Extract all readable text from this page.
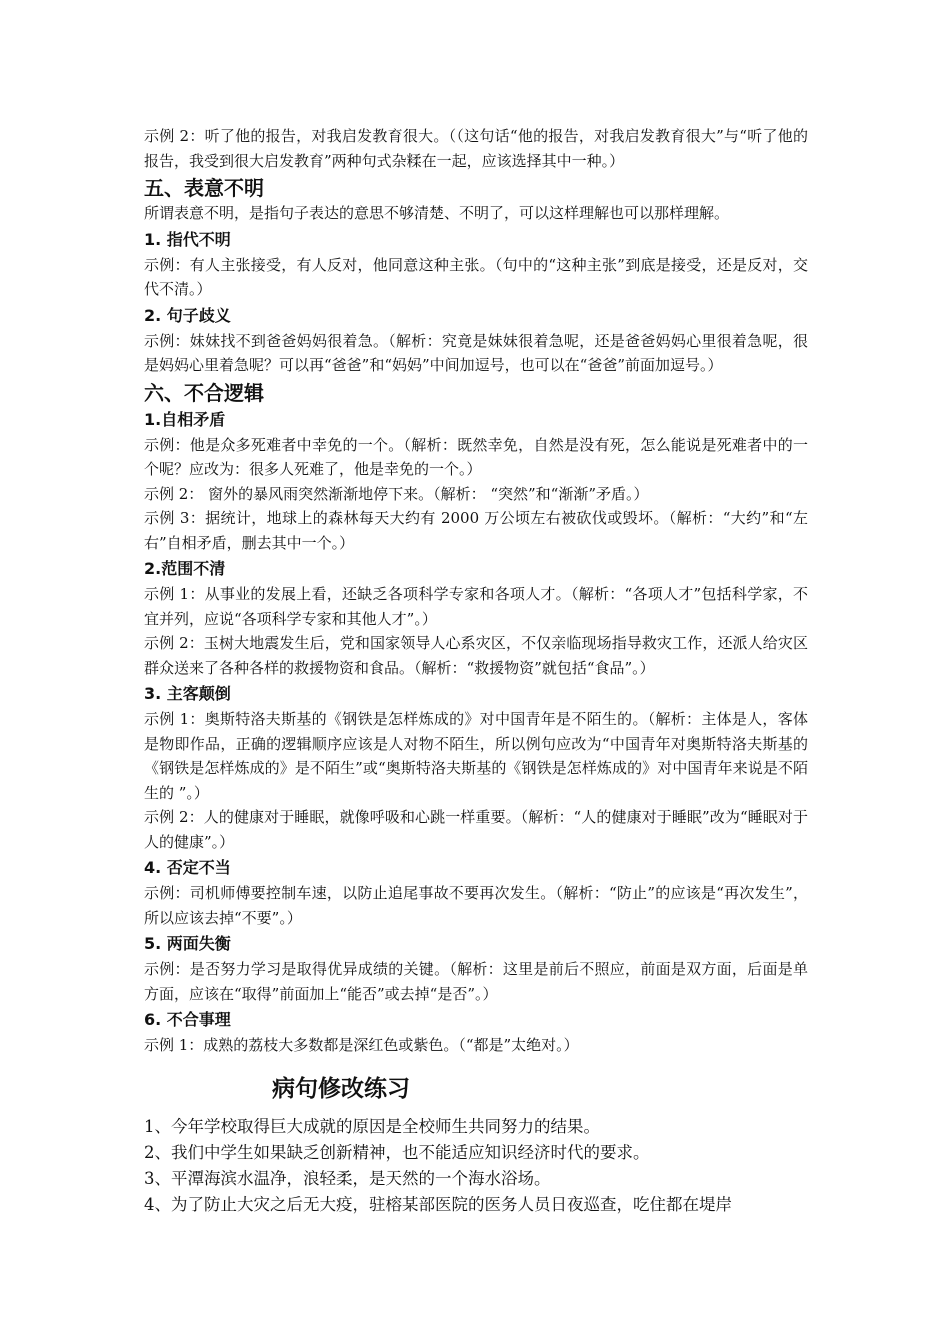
示例 2：听了他的报告，对我启发教育很大。（（这句话“他的报告，对我启发教育很大”与“听了他的报告，我受到很大启发教育”两种句式杂糅在一起，应该选择其中一种。）

五、表意不明

所谓表意不明，是指句子表达的意思不够清楚、不明了，可以这样理解也可以那样理解。

1. 指代不明

示例：有人主张接受，有人反对，他同意这种主张。（句中的“这种主张”到底是接受，还是反对，交代不清。）

2. 句子歧义

示例：妹妹找不到爸爸妈妈很着急。（解析：究竟是妹妹很着急呢，还是爸爸妈妈心里很着急呢，很是妈妈心里着急呢？可以再“爸爸”和“妈妈”中间加逗号，也可以在“爸爸”前面加逗号。）

六、不合逻辑
1.自相矛盾

示例：他是众多死难者中幸免的一个。（解析：既然幸免，自然是没有死，怎么能说是死难者中的一个呢？应改为：很多人死难了，他是幸免的一个。）

示例 2： 窗外的暴风雨突然渐渐地停下来。（解析： “突然”和“渐渐”矛盾。）

示例 3：据统计，地球上的森林每天大约有 2000 万公顷左右被砍伐或毁坏。（解析：“大约”和“左右”自相矛盾，删去其中一个。）

2.范围不清

示例 1：从事业的发展上看，还缺乏各项科学专家和各项人才。（解析：“各项人才”包括科学家，不宜并列，应说“各项科学专家和其他人才”。）

示例 2：玉树大地震发生后，党和国家领导人心系灾区，不仅亲临现场指导救灾工作，还派人给灾区群众送来了各种各样的救援物资和食品。（解析：“救援物资”就包括“食品”。）

3. 主客颠倒

示例 1：奥斯特洛夫斯基的《钢铁是怎样炼成的》对中国青年是不陌生的。（解析：主体是人，客体是物即作品，正确的逻辑顺序应该是人对物不陌生，所以例句应改为“中国青年对奥斯特洛夫斯基的《钢铁是怎样炼成的》是不陌生”或“奥斯特洛夫斯基的《钢铁是怎样炼成的》对中国青年来说是不陌生的 ”。）

示例 2：人的健康对于睡眠，就像呼吸和心跳一样重要。（解析：“人的健康对于睡眠”改为“睡眠对于人的健康”。）

4. 否定不当

示例：司机师傅要控制车速，以防止追尾事故不要再次发生。（解析：“防止”的应该是“再次发生”，所以应该去掉“不要”。）

5. 两面失衡

示例：是否努力学习是取得优异成绩的关键。（解析：这里是前后不照应，前面是双方面，后面是单方面，应该在“取得”前面加上“能否”或去掉“是否”。）

6. 不合事理

示例 1：成熟的荔枝大多数都是深红色或紫色。（“都是”太绝对。）

病句修改练习

1、今年学校取得巨大成就的原因是全校师生共同努力的结果。

2、我们中学生如果缺乏创新精神，也不能适应知识经济时代的要求。

3、平潭海滨水温净，浪轻柔，是天然的一个海水浴场。

4、为了防止大灾之后无大疫，驻榕某部医院的医务人员日夜巡查，吃住都在堤岸
